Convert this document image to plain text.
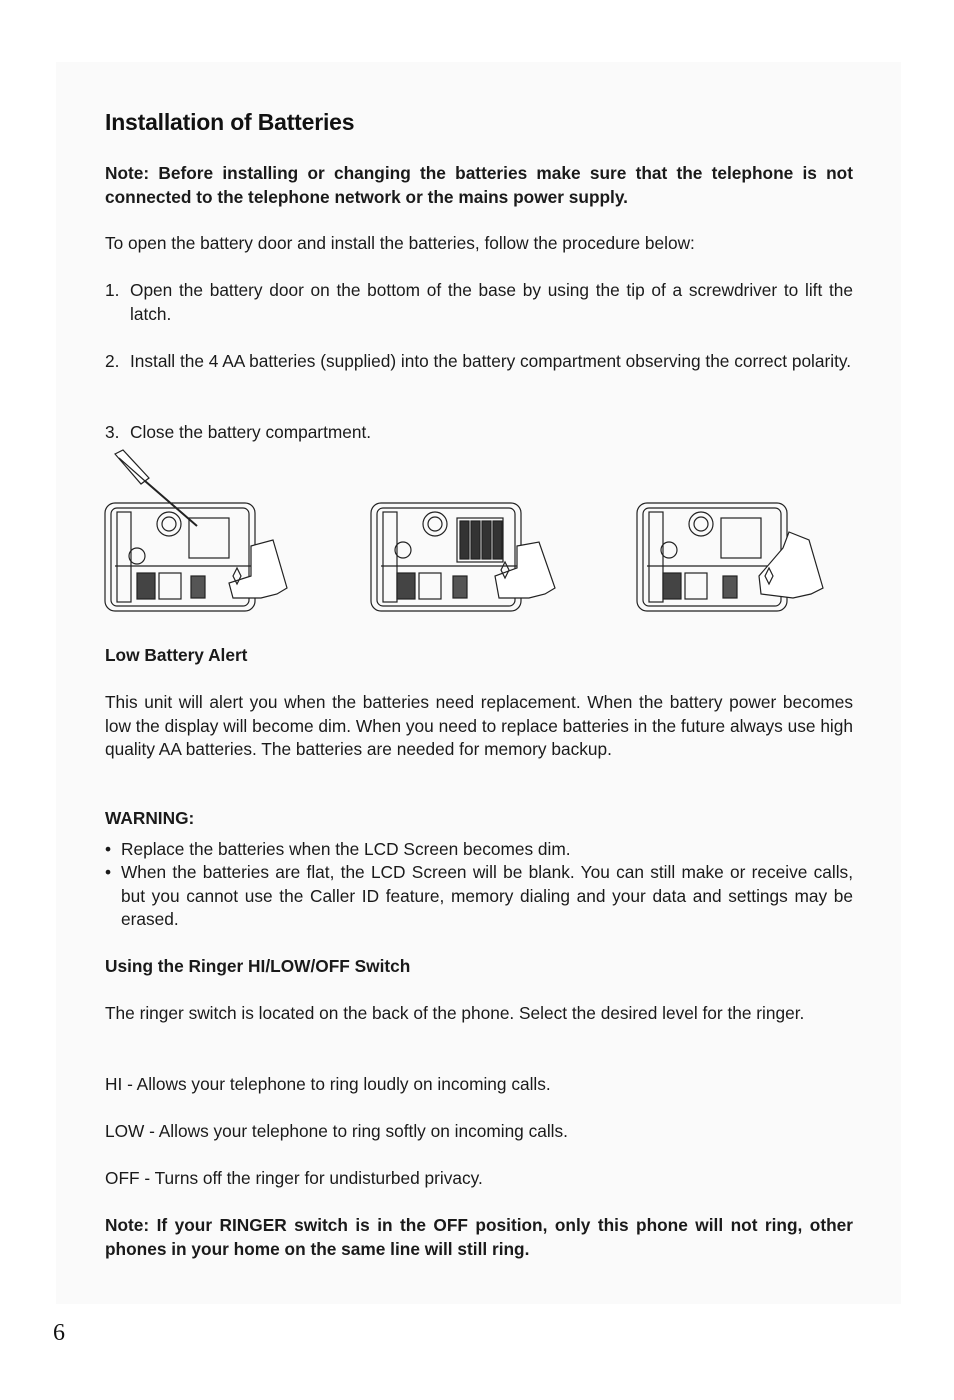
Installation of Batteries
Note: Before installing or changing the batteries make sure that the telephone is not connected to the telephone network or the mains power supply.
To open the battery door and install the batteries, follow the procedure below:
1. Open the battery door on the bottom of the base by using the tip of a screwdriver to lift the latch.
2. Install the 4 AA batteries (supplied) into the battery compartment observing the correct polarity.
3. Close the battery compartment.
Low Battery Alert
This unit will alert you when the batteries need replacement. When the battery power becomes low the display will become dim. When you need to replace batteries in the future always use high quality AA batteries. The batteries are needed for memory backup.
WARNING:
• Replace the batteries when the LCD Screen becomes dim.
• When the batteries are flat, the LCD Screen will be blank. You can still make or receive calls, but you cannot use the Caller ID feature, memory dialing and your data and settings may be erased.
Using the Ringer HI/LOW/OFF Switch
The ringer switch is located on the back of the phone. Select the desired level for the ringer.
HI - Allows your telephone to ring loudly on incoming calls.
LOW - Allows your telephone to ring softly on incoming calls.
OFF - Turns off the ringer for undisturbed privacy.
Note: If your RINGER switch is in the OFF position, only this phone will not ring, other phones in your home on the same line will still ring.
6
